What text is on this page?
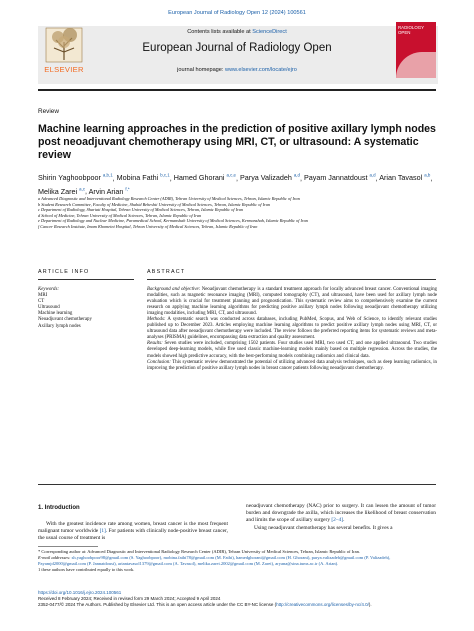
European Journal of Radiology Open 12 (2024) 100561
ELSEVIER
Contents lists available at ScienceDirect
European Journal of Radiology Open
journal homepage: www.elsevier.com/locate/ejro
RADIOLOGY OPEN
Review
Machine learning approaches in the prediction of positive axillary lymph nodes post neoadjuvant chemotherapy using MRI, CT, or ultrasound: A systematic review
Shirin Yaghoobpoor $^{a,b,1}$, Mobina Fathi $^{b,c,1}$, Hamed Ghorani $^{a,c,e}$, Parya Valizadeh $^{a,d}$, Payam Jannatdoust $^{a,d}$, Arian Tavasol $^{a,b}$, Melika Zarei $^{a,c}$, Arvin Arian $^{f,*}$
a Advanced Diagnostic and Interventional Radiology Research Center (ADIR), Tehran University of Medical Sciences, Tehran, Islamic Republic of Iran
b Student Research Committee, Faculty of Medicine, Shahid Beheshti University of Medical Sciences, Tehran, Islamic Republic of Iran
c Department of Radiology, Shariati Hospital, Tehran University of Medical Sciences, Tehran, Islamic Republic of Iran
d School of Medicine, Tehran University of Medical Sciences, Tehran, Islamic Republic of Iran
e Department of Radiology and Nuclear Medicine, Paramedical School, Kermanshah University of Medical Sciences, Kermanshah, Islamic Republic of Iran
f Cancer Research Institute, Imam Khomeini Hospital, Tehran University of Medical Sciences, Tehran, Islamic Republic of Iran
ARTICLE INFO	ABSTRACT
Keywords:
MRI
CT
Ultrasound
Machine learning
Neoadjuvant chemotherapy
Axillary lymph nodes

Background and objective: Neoadjuvant chemotherapy is a standard treatment approach for locally advanced breast cancer. Conventional imaging modalities, such as magnetic resonance imaging (MRI), computed tomography (CT), and ultrasound, have been used for axillary lymph node evaluation which is crucial for treatment planning and prognostication. This systematic review aims to comprehensively examine the current research on applying machine learning algorithms for predicting positive axillary lymph nodes following neoadjuvant chemotherapy utilizing imaging modalities, including MRI, CT, and ultrasound.

Methods: A systematic search was conducted across databases, including PubMed, Scopus, and Web of Science, to identify relevant studies published up to December 2023. Articles employing machine learning algorithms to predict positive axillary lymph nodes using MRI, CT, or ultrasound data after neoadjuvant chemotherapy were included. The review follows the preferred reporting items for systematic reviews and meta-analyses (PRISMA) guidelines, encompassing data extraction and quality assessment.

Results: Seven studies were included, comprising 1502 patients. Four studies used MRI, two used CT, and one applied ultrasound. Two studies developed deep-learning models, while five used classic machine-learning models mainly based on multiple regression. Across the studies, the models showed high predictive accuracy, with the best-performing models combining radiomics and clinical data.

Conclusion: This systematic review demonstrated the potential of utilizing advanced data analysis techniques, such as deep learning radiomics, in improving the prediction of positive axillary lymph nodes in breast cancer patients following neoadjuvant chemotherapy.

1. Introduction

With the greatest incidence rate among women, breast cancer is the most frequent malignant tumor worldwide [1]. For patients with clinically node-positive breast cancer, the usual course of treatment is

neoadjuvant chemotherapy (NAC) prior to surgery. It can lessen the amount of tumor burden and downgrade the axilla, which increases the likelihood of breast conservation and limits the scope of axillary surgery [2–4].

Using neoadjuvant chemotherapy has several benefits. It gives a

* Corresponding author at: Advanced Diagnostic and Interventional Radiology Research Center (ADIR), Tehran University of Medical Sciences, Tehran, Islamic Republic of Iran.
E-mail addresses: sh.yaghoobpoor98@gmail.com (S. Yaghoobpoor), mobina.fathi78@gmail.com (M. Fathi), hamedghorani@gmail.com (H. Ghorani), parya.valizadeh@gmail.com (P. Valizadeh), Payamjd2000@gmail.com (P. Jannatdoust), ariantavasol1379@gmail.com (A. Tavasol), melika.zarei.2002@gmail.com (M. Zarei), aryana@sina.tums.ac.ir (A. Arian).
1 these authors have contributed equally to this work.
https://doi.org/10.1016/j.ejro.2024.100561
Received 8 February 2024; Received in revised form 29 March 2024; Accepted 9 April 2024
2352-0477/© 2024 The Authors. Published by Elsevier Ltd. This is an open access article under the CC BY-NC license (http://creativecommons.org/licenses/by-nc/4.0/).
